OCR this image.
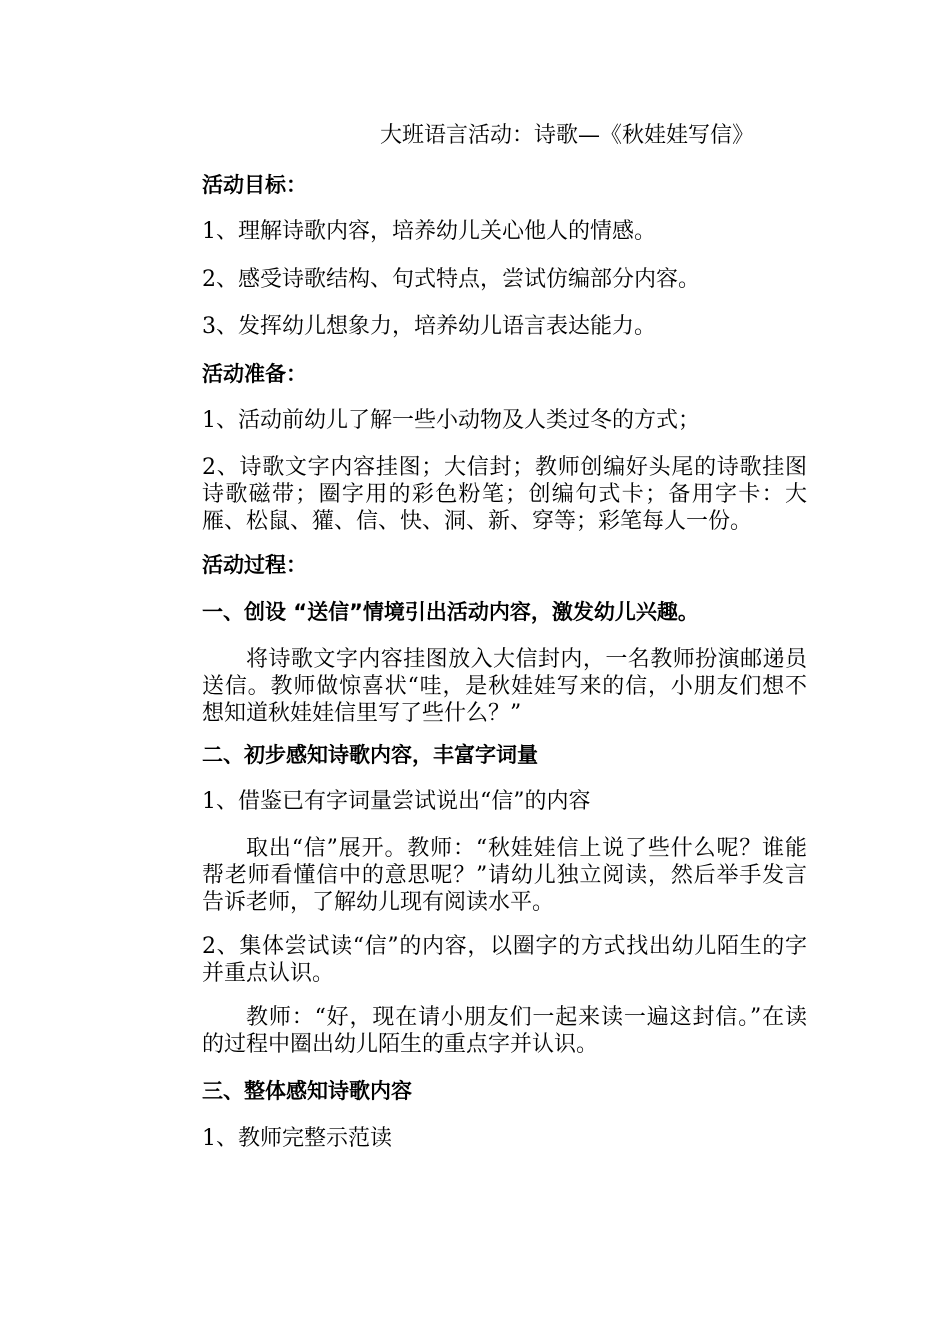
大班语言活动：诗歌—《秋娃娃写信》
活动目标：
1、理解诗歌内容，培养幼儿关心他人的情感。
2、感受诗歌结构、句式特点，尝试仿编部分内容。
3、发挥幼儿想象力，培养幼儿语言表达能力。
活动准备：
1、活动前幼儿了解一些小动物及人类过冬的方式；
2、诗歌文字内容挂图；大信封；教师创编好头尾的诗歌挂图诗歌磁带；圈字用的彩色粉笔；创编句式卡；备用字卡：大雁、松鼠、獾、信、快、洞、新、穿等；彩笔每人一份。
活动过程：
一、创设 “送信”情境引出活动内容，激发幼儿兴趣。
将诗歌文字内容挂图放入大信封内，一名教师扮演邮递员送信。教师做惊喜状“哇，是秋娃娃写来的信，小朋友们想不想知道秋娃娃信里写了些什么？”
二、初步感知诗歌内容，丰富字词量
1、借鉴已有字词量尝试说出“信”的内容
取出“信”展开。教师：“秋娃娃信上说了些什么呢？谁能帮老师看懂信中的意思呢？”请幼儿独立阅读，然后举手发言告诉老师，了解幼儿现有阅读水平。
2、集体尝试读“信”的内容，以圈字的方式找出幼儿陌生的字并重点认识。
教师：“好，现在请小朋友们一起来读一遍这封信。”在读的过程中圈出幼儿陌生的重点字并认识。
三、整体感知诗歌内容
1、教师完整示范读
